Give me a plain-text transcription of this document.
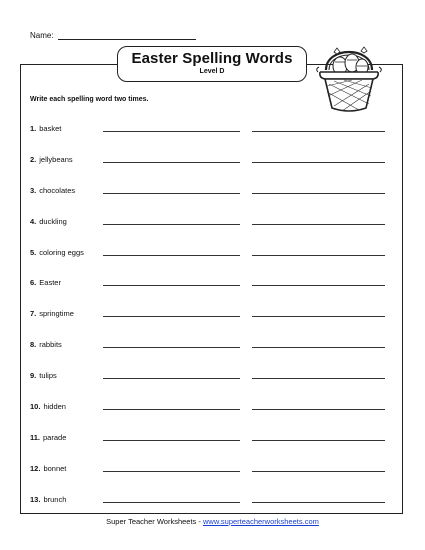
Name:
Easter Spelling Words
Level D
Write each spelling word two times.
1. basket
2. jellybeans
3. chocolates
4. duckling
5. coloring eggs
6. Easter
7. springtime
8. rabbits
9. tulips
10. hidden
11. parade
12. bonnet
13. brunch
Super Teacher Worksheets - www.superteacherworksheets.com
